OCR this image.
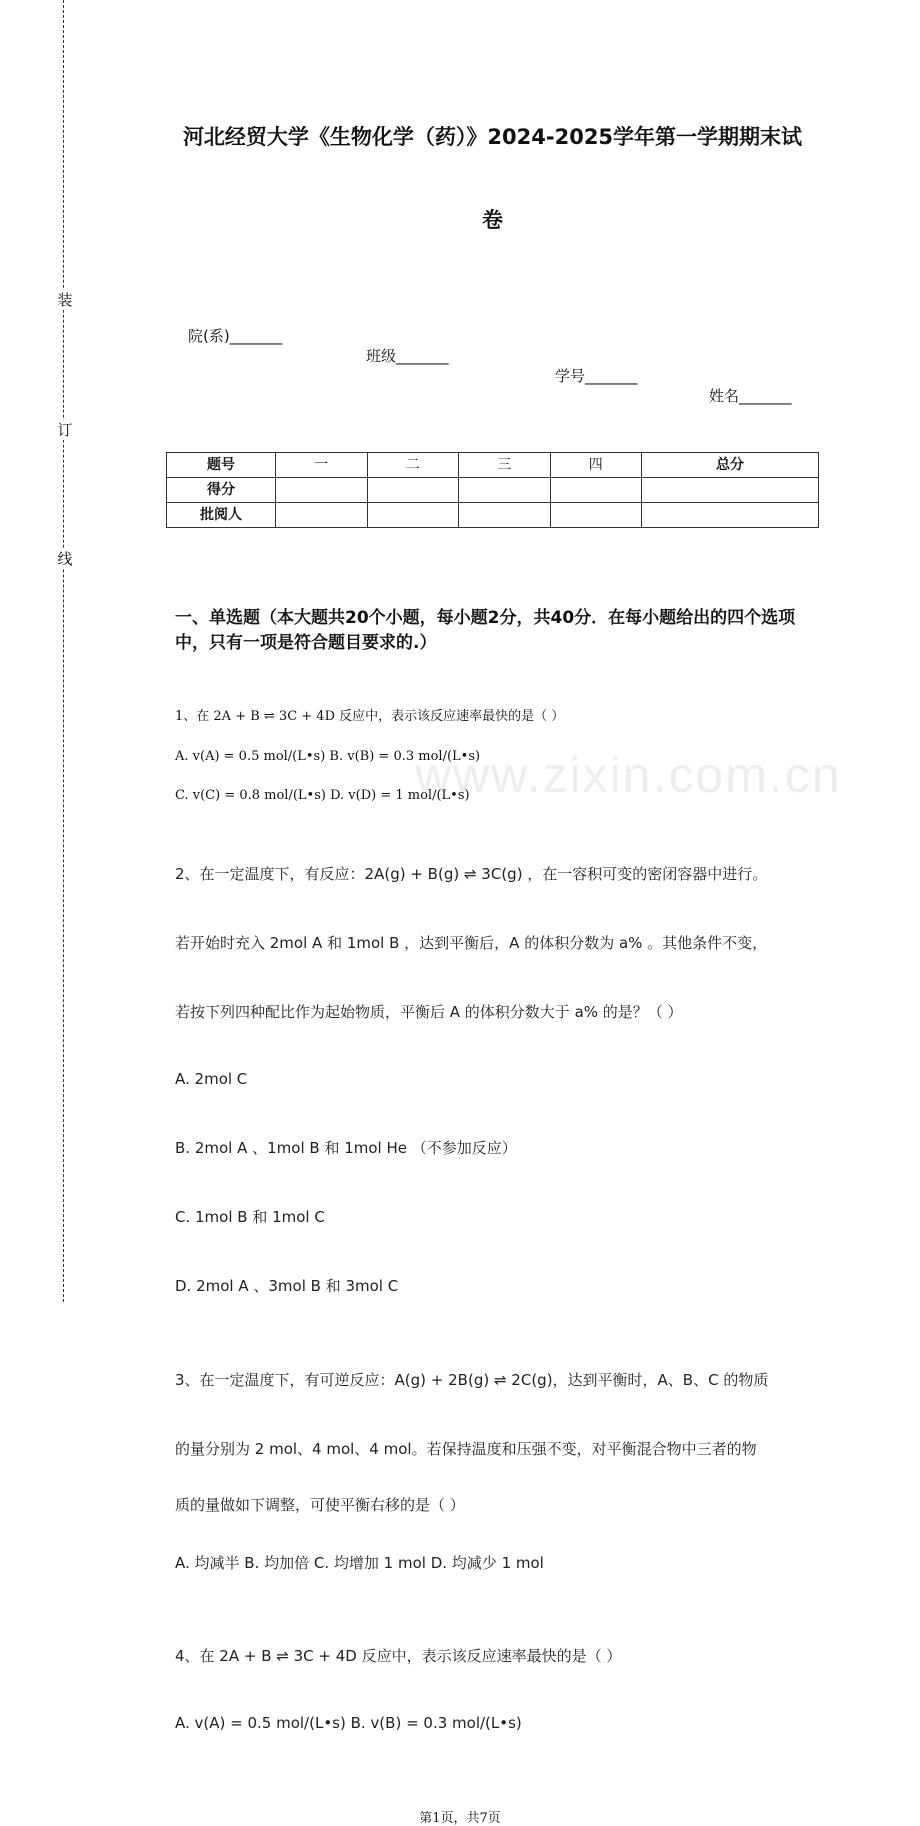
装
订
线
www.zixin.com.cn
河北经贸大学《生物化学（药）》2024-2025学年第一学期期末试
卷
院(系)_______
班级_______
学号_______
姓名_______
题号	一	二	三	四	总分
得分					
批阅人					
一、单选题（本大题共20个小题，每小题2分，共40分．在每小题给出的四个选项中，只有一项是符合题目要求的.）
1、在 2A + B ⇌ 3C + 4D 反应中，表示该反应速率最快的是（ ）
A. v(A) = 0.5 mol/(L•s) B. v(B) = 0.3 mol/(L•s)
C. v(C) = 0.8 mol/(L•s) D. v(D) = 1 mol/(L•s)
2、在一定温度下，有反应：2A(g) + B(g) ⇌ 3C(g) ，在一容积可变的密闭容器中进行。
若开始时充入 2mol A 和 1mol B ，达到平衡后，A 的体积分数为 a% 。其他条件不变，
若按下列四种配比作为起始物质，平衡后 A 的体积分数大于 a% 的是？（ ）
A. 2mol C
B. 2mol A 、1mol B 和 1mol He （不参加反应）
C. 1mol B 和 1mol C
D. 2mol A 、3mol B 和 3mol C
3、在一定温度下，有可逆反应：A(g) + 2B(g) ⇌ 2C(g)，达到平衡时，A、B、C 的物质
的量分别为 2 mol、4 mol、4 mol。若保持温度和压强不变，对平衡混合物中三者的物
质的量做如下调整，可使平衡右移的是（ ）
A. 均减半 B. 均加倍 C. 均增加 1 mol D. 均减少 1 mol
4、在 2A + B ⇌ 3C + 4D 反应中，表示该反应速率最快的是（ ）
A. v(A) = 0.5 mol/(L•s) B. v(B) = 0.3 mol/(L•s)
第1页，共7页
